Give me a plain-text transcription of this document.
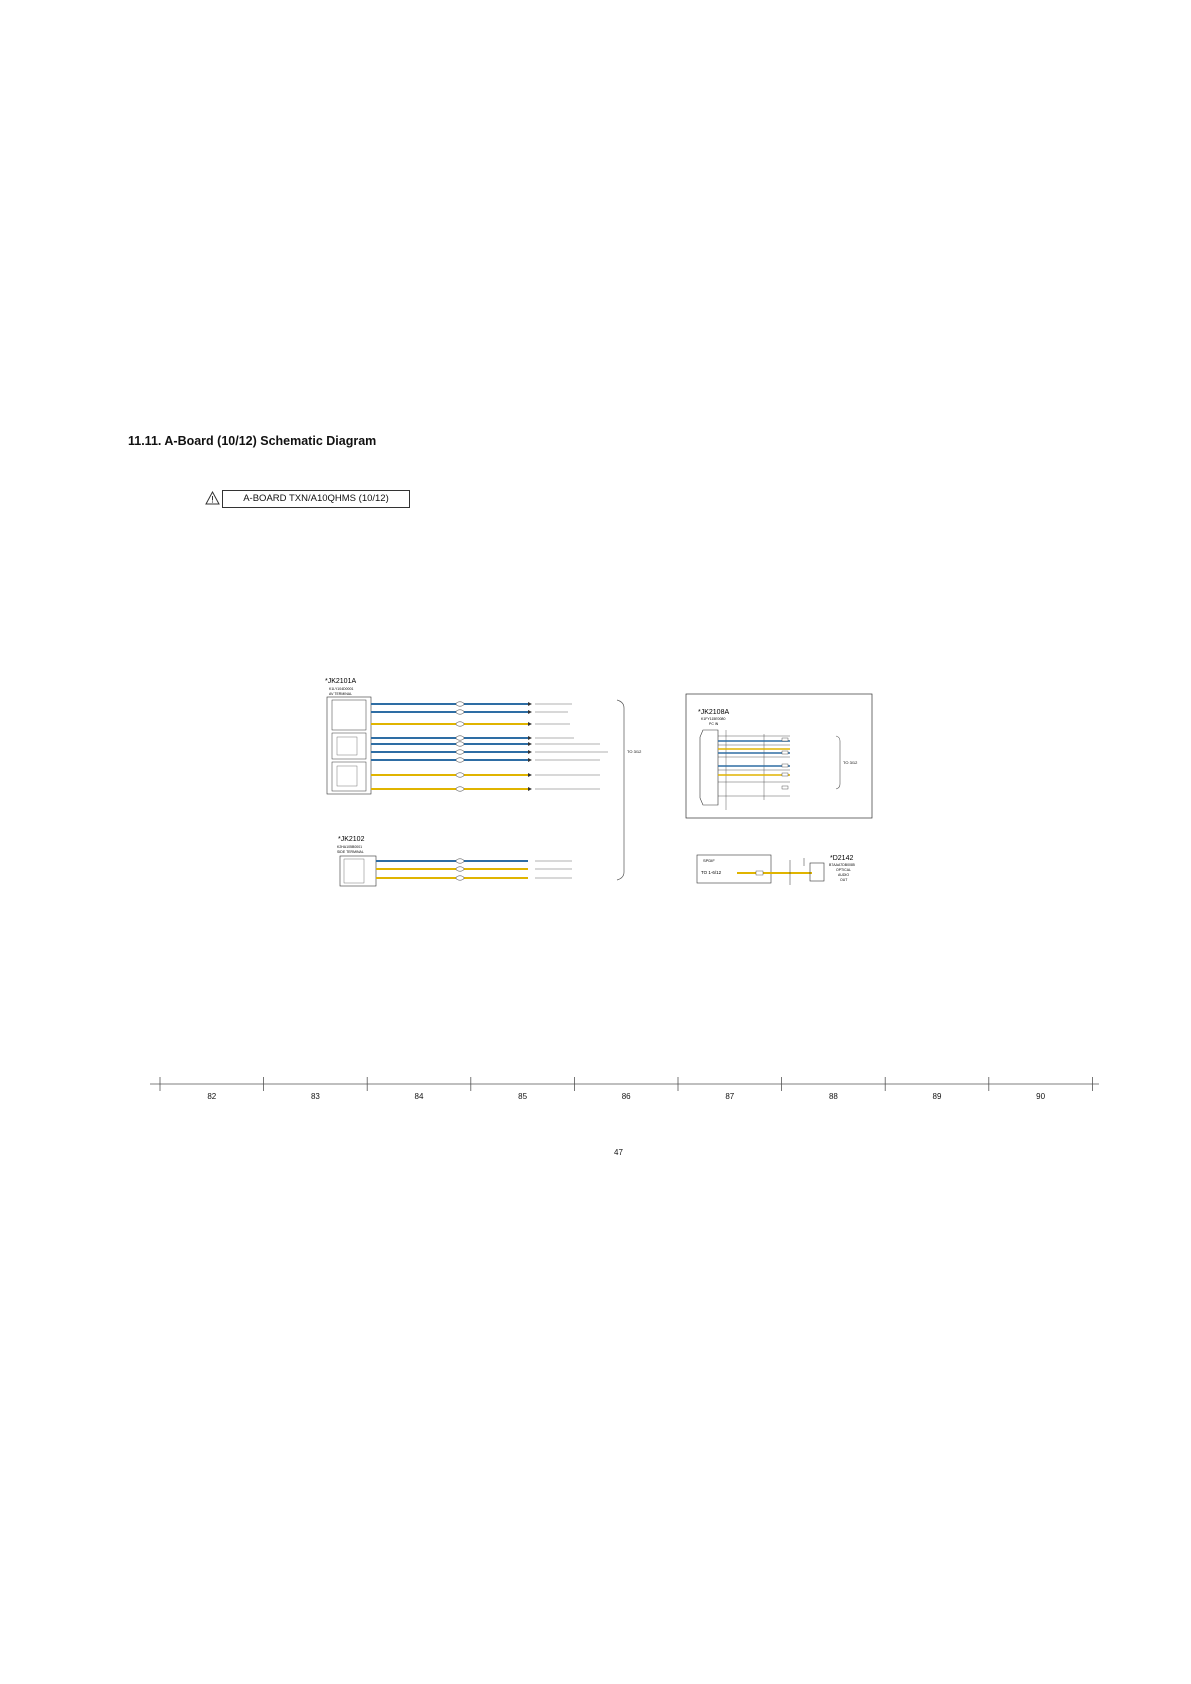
11.11. A-Board (10/12) Schematic Diagram
A-BOARD TXN/A10QHMS (10/12)
*JK2101A
K1LY104D0001
AV TERMINAL
*JK2102
K2HA105B0001
SIDE TERMINAL
TO 3/12
*JK2108A
K1FY115E0080
PC IN
TO 3/12
SPDIF
TO 1-6/12
*D2142
B7AAA7DB0085
OPTICAL
AUDIO
OUT
82	83	84	85	86	87	88	89	90
47
